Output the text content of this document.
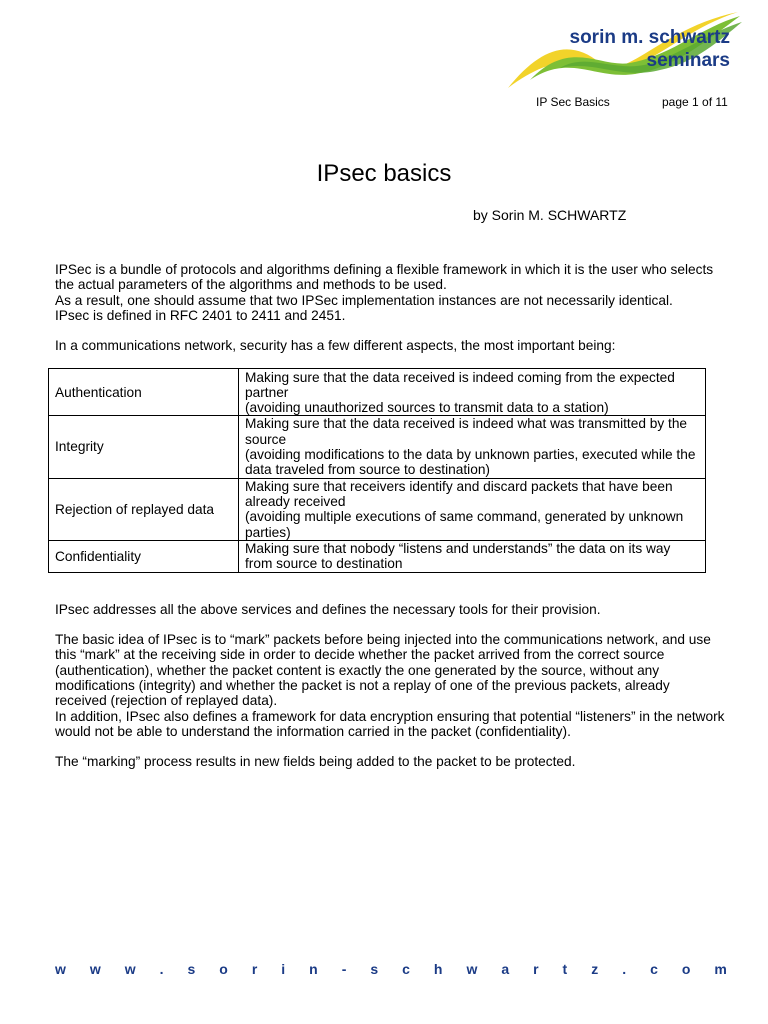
sorin m. schwartz
seminars
IP Sec Basics	page 1 of 11
IPsec basics
by Sorin M. SCHWARTZ

IPSec is a bundle of protocols and algorithms defining a flexible framework in which it is the user who selects the actual parameters of the algorithms and methods to be used.

As a result, one should assume that two IPSec implementation instances are not necessarily identical.

IPsec is defined in RFC 2401 to 2411 and 2451.

In a communications network, security has a few different aspects, the most important being:

Authentication	Making sure that the data received is indeed coming from the expected partner
(avoiding unauthorized sources to transmit data to a station)

Integrity	Making sure that the data received is indeed what was transmitted by the source
(avoiding modifications to the data by unknown parties, executed while the data traveled from source to destination)

Rejection of replayed data	Making sure that receivers identify and discard packets that have been already received
(avoiding multiple executions of same command, generated by unknown parties)

Confidentiality	Making sure that nobody “listens and understands” the data on its way from source to destination

IPsec addresses all the above services and defines the necessary tools for their provision.

The basic idea of IPsec is to “mark” packets before being injected into the communications network, and use this “mark” at the receiving side in order to decide whether the packet arrived from the correct source (authentication), whether the packet content is exactly the one generated by the source, without any modifications (integrity) and whether the packet is not a replay of one of the previous packets, already received (rejection of replayed data).

In addition, IPsec also defines a framework for data encryption ensuring that potential “listeners” in the network would not be able to understand the information carried in the packet (confidentiality).

The “marking” process results in new fields being added to the packet to be protected.

w w w . s o r i n - s c h w a r t z . c o m
